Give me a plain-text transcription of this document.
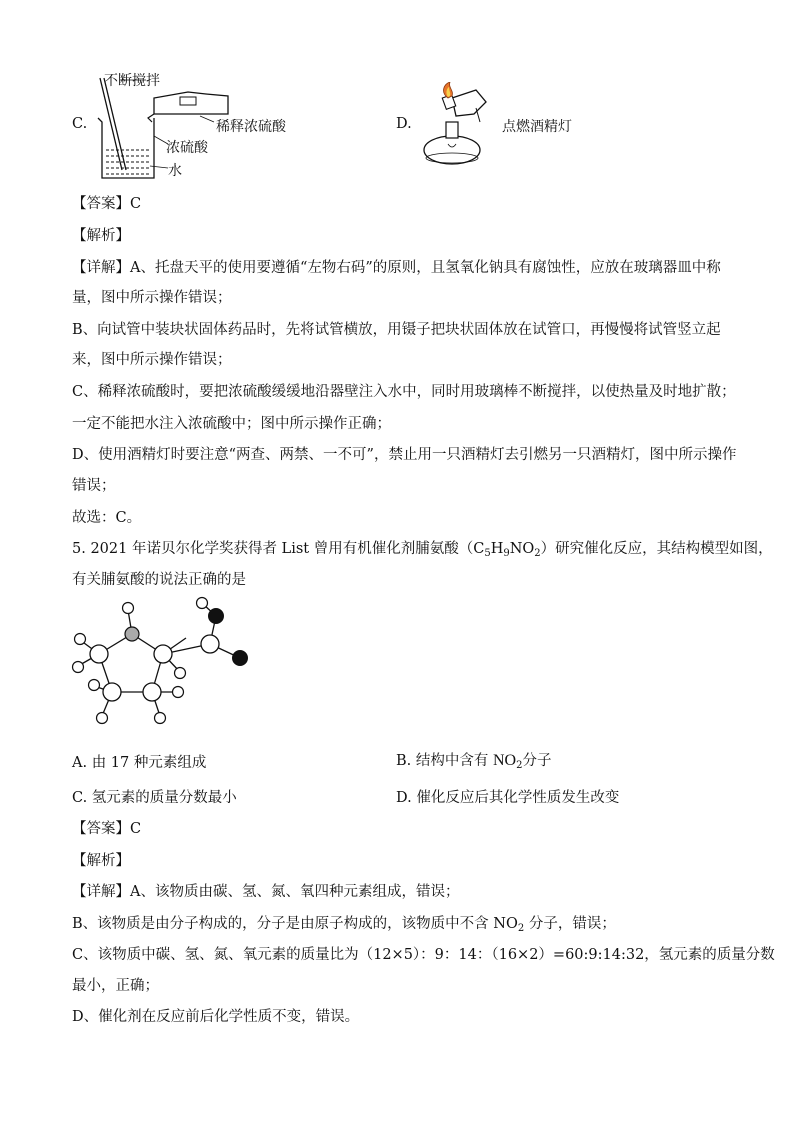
C.
不断搅拌
稀释浓硫酸
浓硫酸
水
D.	点燃酒精灯
【答案】C
【解析】
【详解】A、托盘天平的使用要遵循“左物右码”的原则，且氢氧化钠具有腐蚀性，应放在玻璃器皿中称
量，图中所示操作错误；
B、向试管中装块状固体药品时，先将试管横放，用镊子把块状固体放在试管口，再慢慢将试管竖立起
来，图中所示操作错误；
C、稀释浓硫酸时，要把浓硫酸缓缓地沿器壁注入水中，同时用玻璃棒不断搅拌，以使热量及时地扩散；
一定不能把水注入浓硫酸中；图中所示操作正确；
D、使用酒精灯时要注意“两查、两禁、一不可”，禁止用一只酒精灯去引燃另一只酒精灯，图中所示操作
错误；
故选：C。
5. 2021 年诺贝尔化学奖获得者 List 曾用有机催化剂脯氨酸$(C_5H_9NO_2)$研究催化反应，其结构模型如图，
有关脯氨酸的说法正确的是
A. 由 17 种元素组成	B. 结构中含有 $NO_2$分子
C. 氢元素的质量分数最小	D. 催化反应后其化学性质发生改变
【答案】C
【解析】
【详解】A、该物质由碳、氢、氮、氧四种元素组成，错误；
B、该物质是由分子构成的，分子是由原子构成的，该物质中不含 $NO_2$ 分子，错误；
C、该物质中碳、氢、氮、氧元素的质量比为（12×5）：9：14：（16×2）=60:9:14:32，氢元素的质量分数
最小，正确；
D、催化剂在反应前后化学性质不变，错误。
